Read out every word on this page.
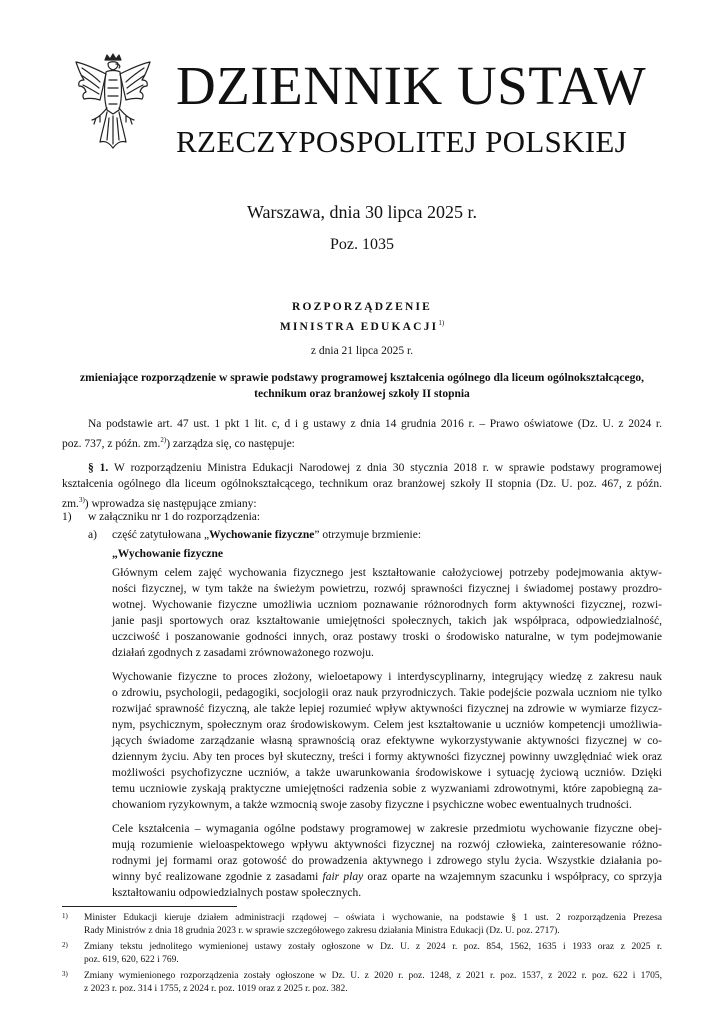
DZIENNIK USTAW
RZECZYPOSPOLITEJ POLSKIEJ
Warszawa, dnia 30 lipca 2025 r.
Poz. 1035
ROZPORZĄDZENIE
MINISTRA EDUKACJI$^{1)}$
z dnia 21 lipca 2025 r.
zmieniające rozporządzenie w sprawie podstawy programowej kształcenia ogólnego dla liceum ogólnokształcącego,
technikum oraz branżowej szkoły II stopnia
Na podstawie art. 47 ust. 1 pkt 1 lit. c, d i g ustawy z dnia 14 grudnia 2016 r. – Prawo oświatowe (Dz. U. z 2024 r.
poz. 737, z późn. zm.$^{2)}$) zarządza się, co następuje:
§ 1. W rozporządzeniu Ministra Edukacji Narodowej z dnia 30 stycznia 2018 r. w sprawie podstawy programowej
kształcenia ogólnego dla liceum ogólnokształcącego, technikum oraz branżowej szkoły II stopnia (Dz. U. poz. 467, z późn.
zm.$^{3)}$) wprowadza się następujące zmiany:
1) w załączniku nr 1 do rozporządzenia:
a) część zatytułowana „Wychowanie fizyczne” otrzymuje brzmienie:
„Wychowanie fizyczne
Głównym celem zajęć wychowania fizycznego jest kształtowanie całożyciowej potrzeby podejmowania aktyw-
ności fizycznej, w tym także na świeżym powietrzu, rozwój sprawności fizycznej i świadomej postawy prozdro-
wotnej. Wychowanie fizyczne umożliwia uczniom poznawanie różnorodnych form aktywności fizycznej, rozwi-
janie pasji sportowych oraz kształtowanie umiejętności społecznych, takich jak współpraca, odpowiedzialność,
uczciwość i poszanowanie godności innych, oraz postawy troski o środowisko naturalne, w tym podejmowanie
działań zgodnych z zasadami zrównoważonego rozwoju.
Wychowanie fizyczne to proces złożony, wieloetapowy i interdyscyplinarny, integrujący wiedzę z zakresu nauk
o zdrowiu, psychologii, pedagogiki, socjologii oraz nauk przyrodniczych. Takie podejście pozwala uczniom nie tylko
rozwijać sprawność fizyczną, ale także lepiej rozumieć wpływ aktywności fizycznej na zdrowie w wymiarze fizycz-
nym, psychicznym, społecznym oraz środowiskowym. Celem jest kształtowanie u uczniów kompetencji umożliwia-
jących świadome zarządzanie własną sprawnością oraz efektywne wykorzystywanie aktywności fizycznej w co-
dziennym życiu. Aby ten proces był skuteczny, treści i formy aktywności fizycznej powinny uwzględniać wiek oraz
możliwości psychofizyczne uczniów, a także uwarunkowania środowiskowe i sytuację życiową uczniów. Dzięki
temu uczniowie zyskają praktyczne umiejętności radzenia sobie z wyzwaniami zdrowotnymi, które zapobiegną za-
chowaniom ryzykownym, a także wzmocnią swoje zasoby fizyczne i psychiczne wobec ewentualnych trudności.
Cele kształcenia – wymagania ogólne podstawy programowej w zakresie przedmiotu wychowanie fizyczne obej-
mują rozumienie wieloaspektowego wpływu aktywności fizycznej na rozwój człowieka, zainteresowanie różno-
rodnymi jej formami oraz gotowość do prowadzenia aktywnego i zdrowego stylu życia. Wszystkie działania po-
winny być realizowane zgodnie z zasadami fair play oraz oparte na wzajemnym szacunku i współpracy, co sprzyja
kształtowaniu odpowiedzialnych postaw społecznych.
1) Minister Edukacji kieruje działem administracji rządowej – oświata i wychowanie, na podstawie § 1 ust. 2 rozporządzenia Prezesa
Rady Ministrów z dnia 18 grudnia 2023 r. w sprawie szczegółowego zakresu działania Ministra Edukacji (Dz. U. poz. 2717).
2) Zmiany tekstu jednolitego wymienionej ustawy zostały ogłoszone w Dz. U. z 2024 r. poz. 854, 1562, 1635 i 1933 oraz z 2025 r.
poz. 619, 620, 622 i 769.
3) Zmiany wymienionego rozporządzenia zostały ogłoszone w Dz. U. z 2020 r. poz. 1248, z 2021 r. poz. 1537, z 2022 r. poz. 622 i 1705,
z 2023 r. poz. 314 i 1755, z 2024 r. poz. 1019 oraz z 2025 r. poz. 382.
